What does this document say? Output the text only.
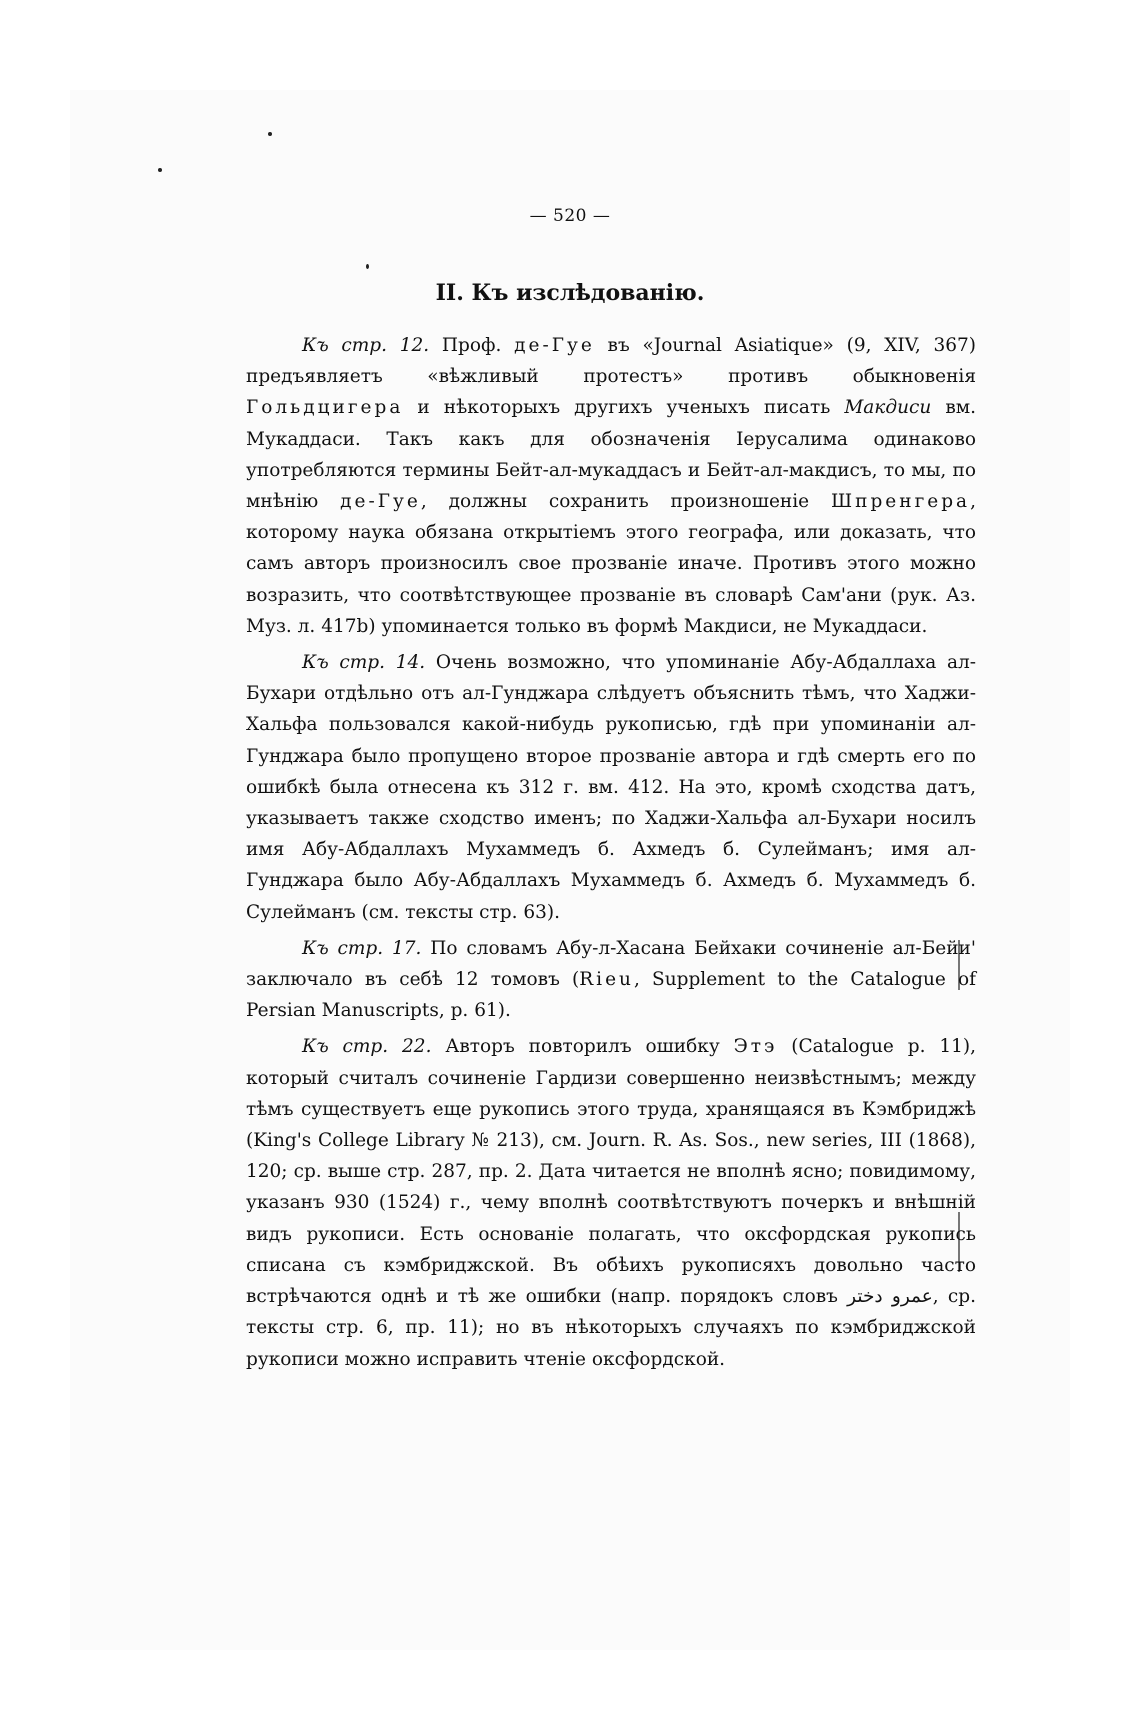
— 520 —
II. Къ изслѣдованію.

Къ стр. 12. Проф. де-Гуе въ «Journal Asiatique» (9, XIV, 367) предъявляетъ «вѣжливый протестъ» противъ обыкновенія Гольдцигера и нѣкоторыхъ другихъ ученыхъ писать Макдиси вм. Мукаддаси. Такъ какъ для обозначенія Іерусалима одинаково употребляются термины Бейт-ал-мукаддасъ и Бейт-ал-макдисъ, то мы, по мнѣнію де-Гуе, должны сохранить произношеніе Шпренгера, которому наука обязана открытіемъ этого географа, или доказать, что самъ авторъ произносилъ свое прозваніе иначе. Противъ этого можно возразить, что соотвѣтствующее прозваніе въ словарѣ Сам'ани (рук. Аз. Муз. л. 417b) упоминается только въ формѣ Макдиси, не Мукаддаси.

Къ стр. 14. Очень возможно, что упоминаніе Абу-Абдаллаха ал-Бухари отдѣльно отъ ал-Гунджара слѣдуетъ объяснить тѣмъ, что Хаджи-Хальфа пользовался какой-нибудь рукописью, гдѣ при упоминаніи ал-Гунджара было пропущено второе прозваніе автора и гдѣ смерть его по ошибкѣ была отнесена къ 312 г. вм. 412. На это, кромѣ сходства датъ, указываетъ также сходство именъ; по Хаджи-Хальфа ал-Бухари носилъ имя Абу-Абдаллахъ Мухаммедъ б. Ахмедъ б. Сулейманъ; имя ал-Гунджара было Абу-Абдаллахъ Мухаммедъ б. Ахмедъ б. Мухаммедъ б. Сулейманъ (см. тексты стр. 63).

Къ стр. 17. По словамъ Абу-л-Хасана Бейхаки сочиненіе ал-Бейи' заключало въ себѣ 12 томовъ (Rieu, Supplement to the Catalogue of Persian Manuscripts, p. 61).

Къ стр. 22. Авторъ повторилъ ошибку Этэ (Catalogue p. 11), который считалъ сочиненіе Гардизи совершенно неизвѣстнымъ; между тѣмъ существуетъ еще рукопись этого труда, хранящаяся въ Кэмбриджѣ (King's College Library № 213), см. Journ. R. As. Sos., new series, III (1868), 120; ср. выше стр. 287, пр. 2. Дата читается не вполнѣ ясно; повидимому, указанъ 930 (1524) г., чему вполнѣ соотвѣтствуютъ почеркъ и внѣшній видъ рукописи. Есть основаніе полагать, что оксфордская рукопись списана съ кэмбриджской. Въ обѣихъ рукописяхъ довольно часто встрѣчаются однѣ и тѣ же ошибки (напр. порядокъ словъ عمرو دختر, ср. тексты стр. 6, пр. 11); но въ нѣкоторыхъ случаяхъ по кэмбриджской рукописи можно исправить чтеніе оксфордской.
